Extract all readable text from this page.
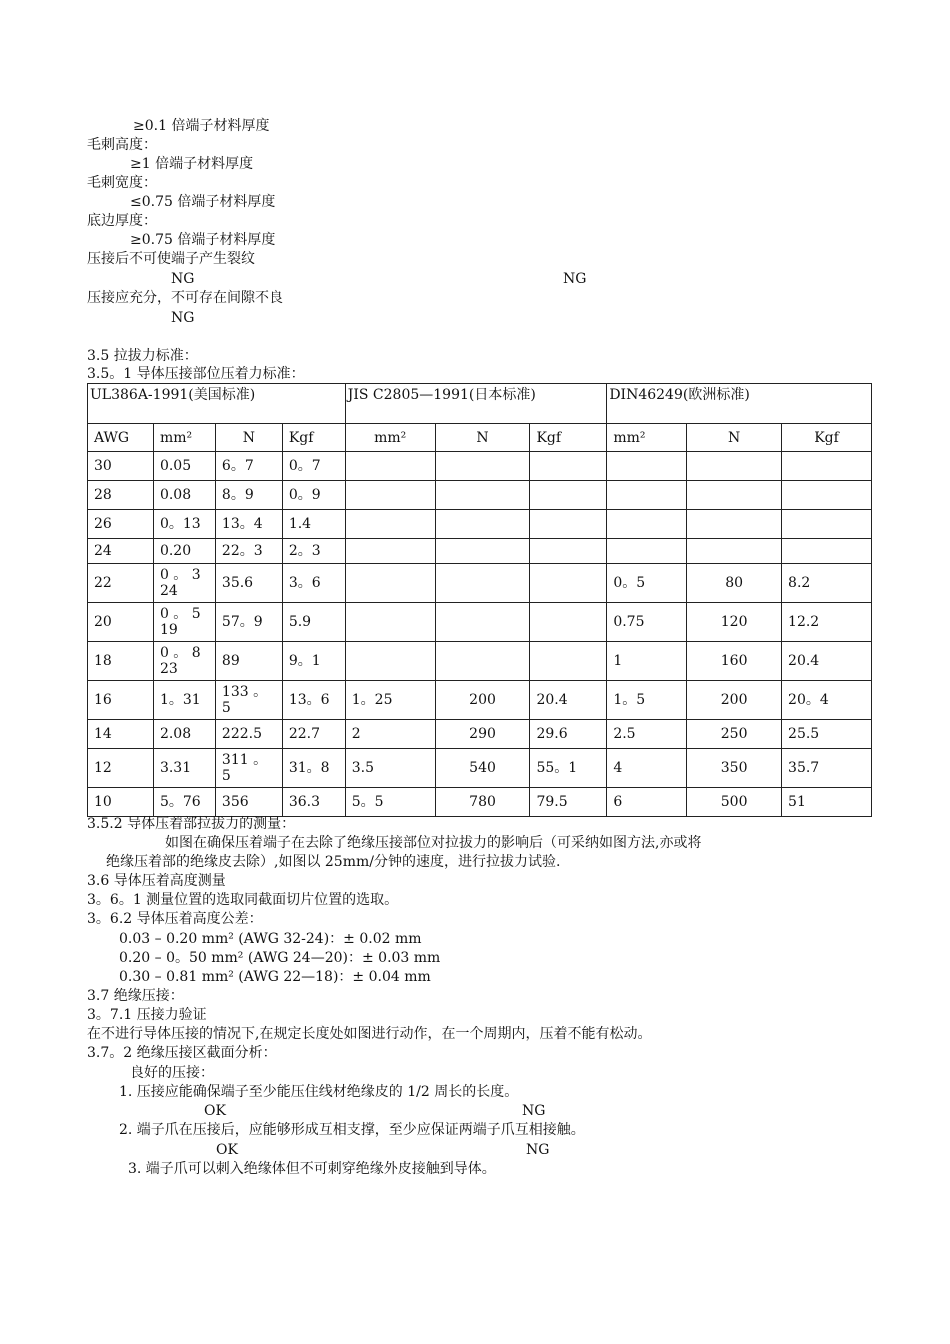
≥0.1 倍端子材料厚度
毛刺高度：
≥1 倍端子材料厚度
毛刺宽度：
≤0.75 倍端子材料厚度
底边厚度：
≥0.75 倍端子材料厚度
压接后不可使端子产生裂纹
NG	NG
压接应充分，不可存在间隙不良
NG
3.5 拉拔力标准：
3.5。1 导体压接部位压着力标准：
UL386A-1991(美国标准)				JIS C2805—1991(日本标准)			DIN46249(欧洲标准)		
AWG	mm²	N	Kgf	mm²	N	Kgf	mm²	N	Kgf
30	0.05	6。7	0。7						
28	0.08	8。9	0。9						
26	0。13	13。4	1.4						
24	0.20	22。3	2。3						
22	0 。 324	35.6	3。6				0。5	80	8.2
20	0 。 519	57。9	5.9				0.75	120	12.2
18	0 。 823	89	9。1				1	160	20.4
16	1。31	133 。5	13。6	1。25	200	20.4	1。5	200	20。4
14	2.08	222.5	22.7	2	290	29.6	2.5	250	25.5
12	3.31	311 。5	31。8	3.5	540	55。1	4	350	35.7
10	5。76	356	36.3	5。5	780	79.5	6	500	51
3.5.2 导体压着部拉拔力的测量：
如图在确保压着端子在去除了绝缘压接部位对拉拔力的影响后（可采纳如图方法,亦或将
绝缘压着部的绝缘皮去除）,如图以 25mm/分钟的速度，进行拉拔力试验.
3.6 导体压着高度测量
3。6。1 测量位置的选取同截面切片位置的选取。
3。6.2 导体压着高度公差：
0.03 – 0.20 mm² (AWG 32-24)：± 0.02 mm
0.20 – 0。50 mm² (AWG 24—20)：± 0.03 mm
0.30 – 0.81 mm² (AWG 22—18)：± 0.04 mm
3.7 绝缘压接：
3。7.1 压接力验证
在不进行导体压接的情况下,在规定长度处如图进行动作，在一个周期内，压着不能有松动。
3.7。2 绝缘压接区截面分析：
良好的压接：
1. 压接应能确保端子至少能压住线材绝缘皮的 1/2 周长的长度。
OK	NG
2. 端子爪在压接后，应能够形成互相支撑，至少应保证两端子爪互相接触。
OK	NG
3. 端子爪可以刺入绝缘体但不可刺穿绝缘外皮接触到导体。
